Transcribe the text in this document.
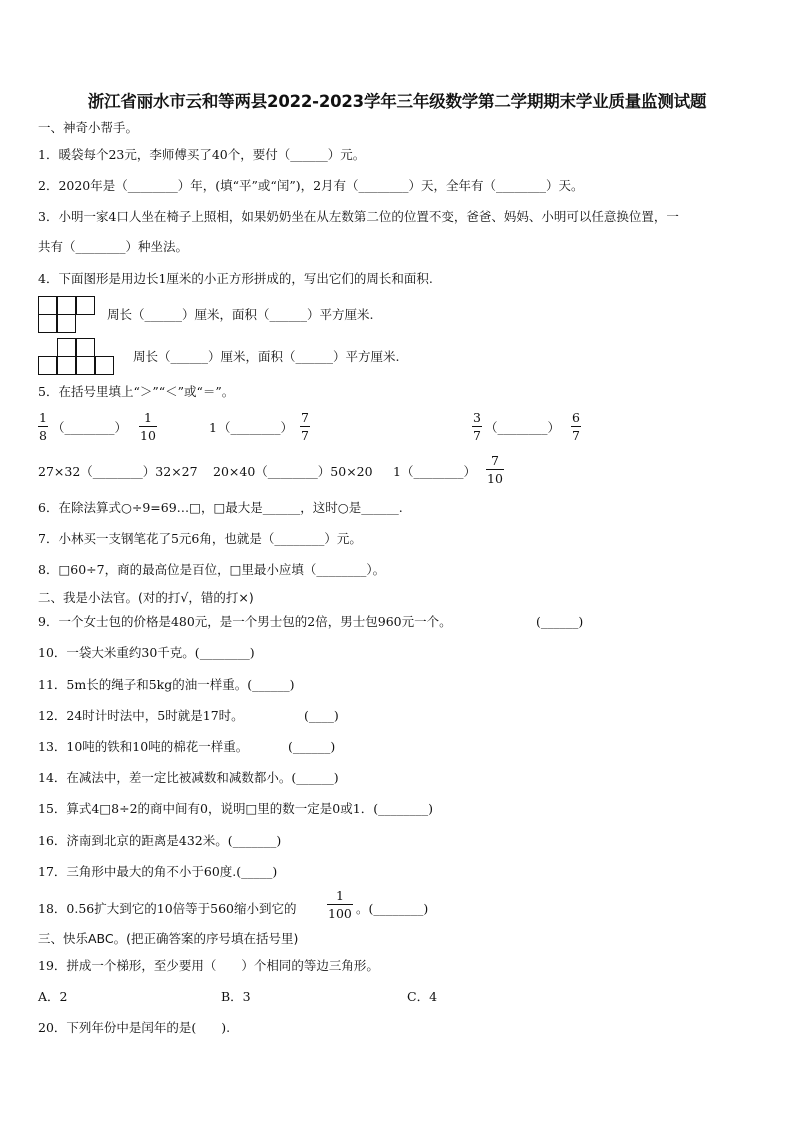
浙江省丽水市云和等两县2022-2023学年三年级数学第二学期期末学业质量监测试题
一、神奇小帮手。
1．暖袋每个23元，李师傅买了40个，要付（______）元。
2．2020年是（________）年，(填“平”或“闰”)，2月有（________）天，全年有（________）天。
3．小明一家4口人坐在椅子上照相，如果奶奶坐在从左数第二位的位置不变，爸爸、妈妈、小明可以任意换位置，一
共有（________）种坐法。
4．下面图形是用边长1厘米的小正方形拼成的，写出它们的周长和面积.
周长（______）厘米，面积（______）平方厘米.
周长（______）厘米，面积（______）平方厘米.
5．在括号里填上“＞”“＜”或“＝”。
1
8
（________）
1
10
1 （________）
7
7
3
7
（________）
6
7
27×32（________）32×27 20×40（________）50×20 1 （________）
7
10
6．在除法算式○÷9=69…□，□最大是______，这时○是______.
7．小林买一支钢笔花了5元6角，也就是（________）元。
8．□60÷7，商的最高位是百位，□里最小应填（________）。
二、我是小法官。(对的打√，错的打×)
9．一个女士包的价格是480元，是一个男士包的2倍，男士包960元一个。	(______)
10．一袋大米重约30千克。(________)
11．5m长的绳子和5kg的油一样重。(______)
12．24时计时法中，5时就是17时。	(____)
13．10吨的铁和10吨的棉花一样重。	(______)
14．在减法中，差一定比被减数和减数都小。(______)
15．算式4□8÷2的商中间有0，说明□里的数一定是0或1．(________)
16．济南到北京的距离是432米。(_______)
17．三角形中最大的角不小于60度.(_____)
18．0.56扩大到它的10倍等于560缩小到它的
1
100 。(________)
三、快乐ABC。(把正确答案的序号填在括号里)
19．拼成一个梯形，至少要用（　　）个相同的等边三角形。
A．2	B．3	C．4
20．下列年份中是闰年的是(　　).
